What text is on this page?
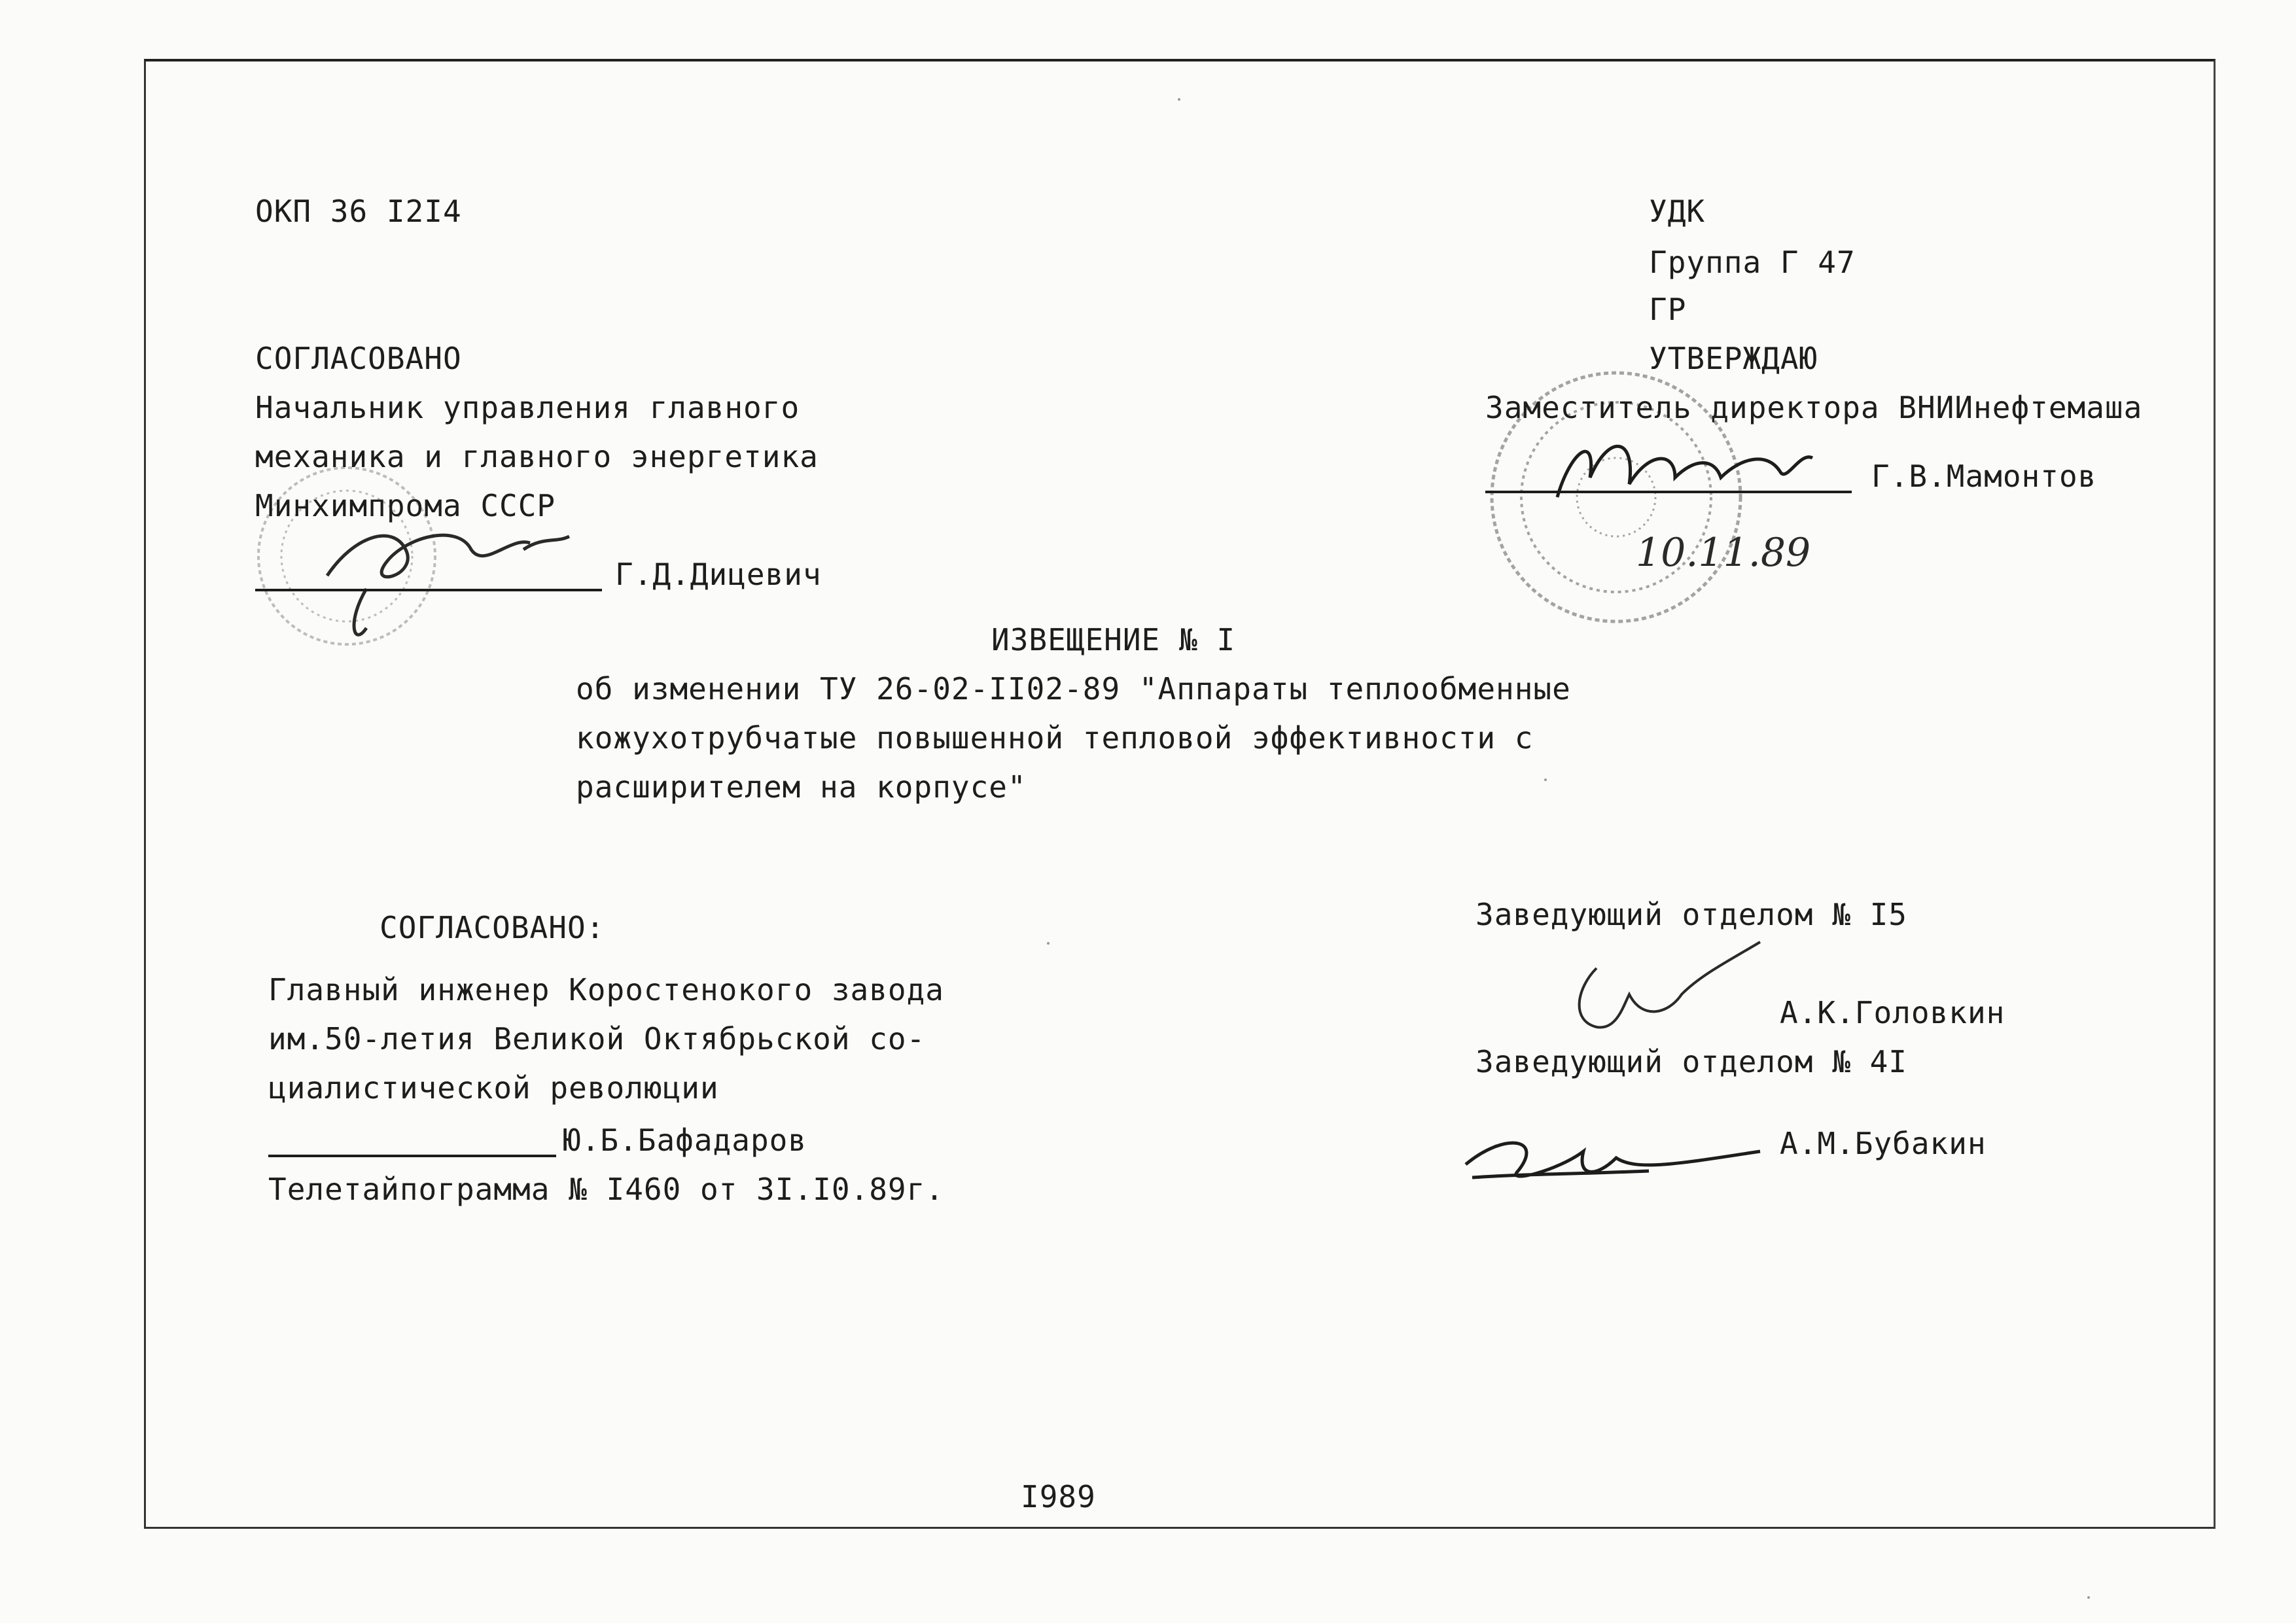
10.11.89
ОКП 36 I2I4	УДК
Группа Г 47
ГР
СОГЛАСОВАНО
Начальник управления главного
механика и главного энергетика
Минхимпрома СССР
Г.Д.Дицевич
УТВЕРЖДАЮ
Заместитель директора ВНИИнефтемаша
Г.В.Мамонтов
ИЗВЕЩЕНИЕ № I
об изменении ТУ 26-02-II02-89 "Аппараты теплообменные
кожухотрубчатые повышенной тепловой эффективности с
расширителем на корпусе"
СОГЛАСОВАНО:
Главный инженер Коростенокого завода
им.50-летия Великой Октябрьской со-
циалистической революции
Ю.Б.Бафадаров
Телетайпограмма № I460 от 3I.I0.89г.
Заведующий отделом № I5
А.К.Головкин
Заведующий отделом № 4I
А.М.Бубакин
I989
